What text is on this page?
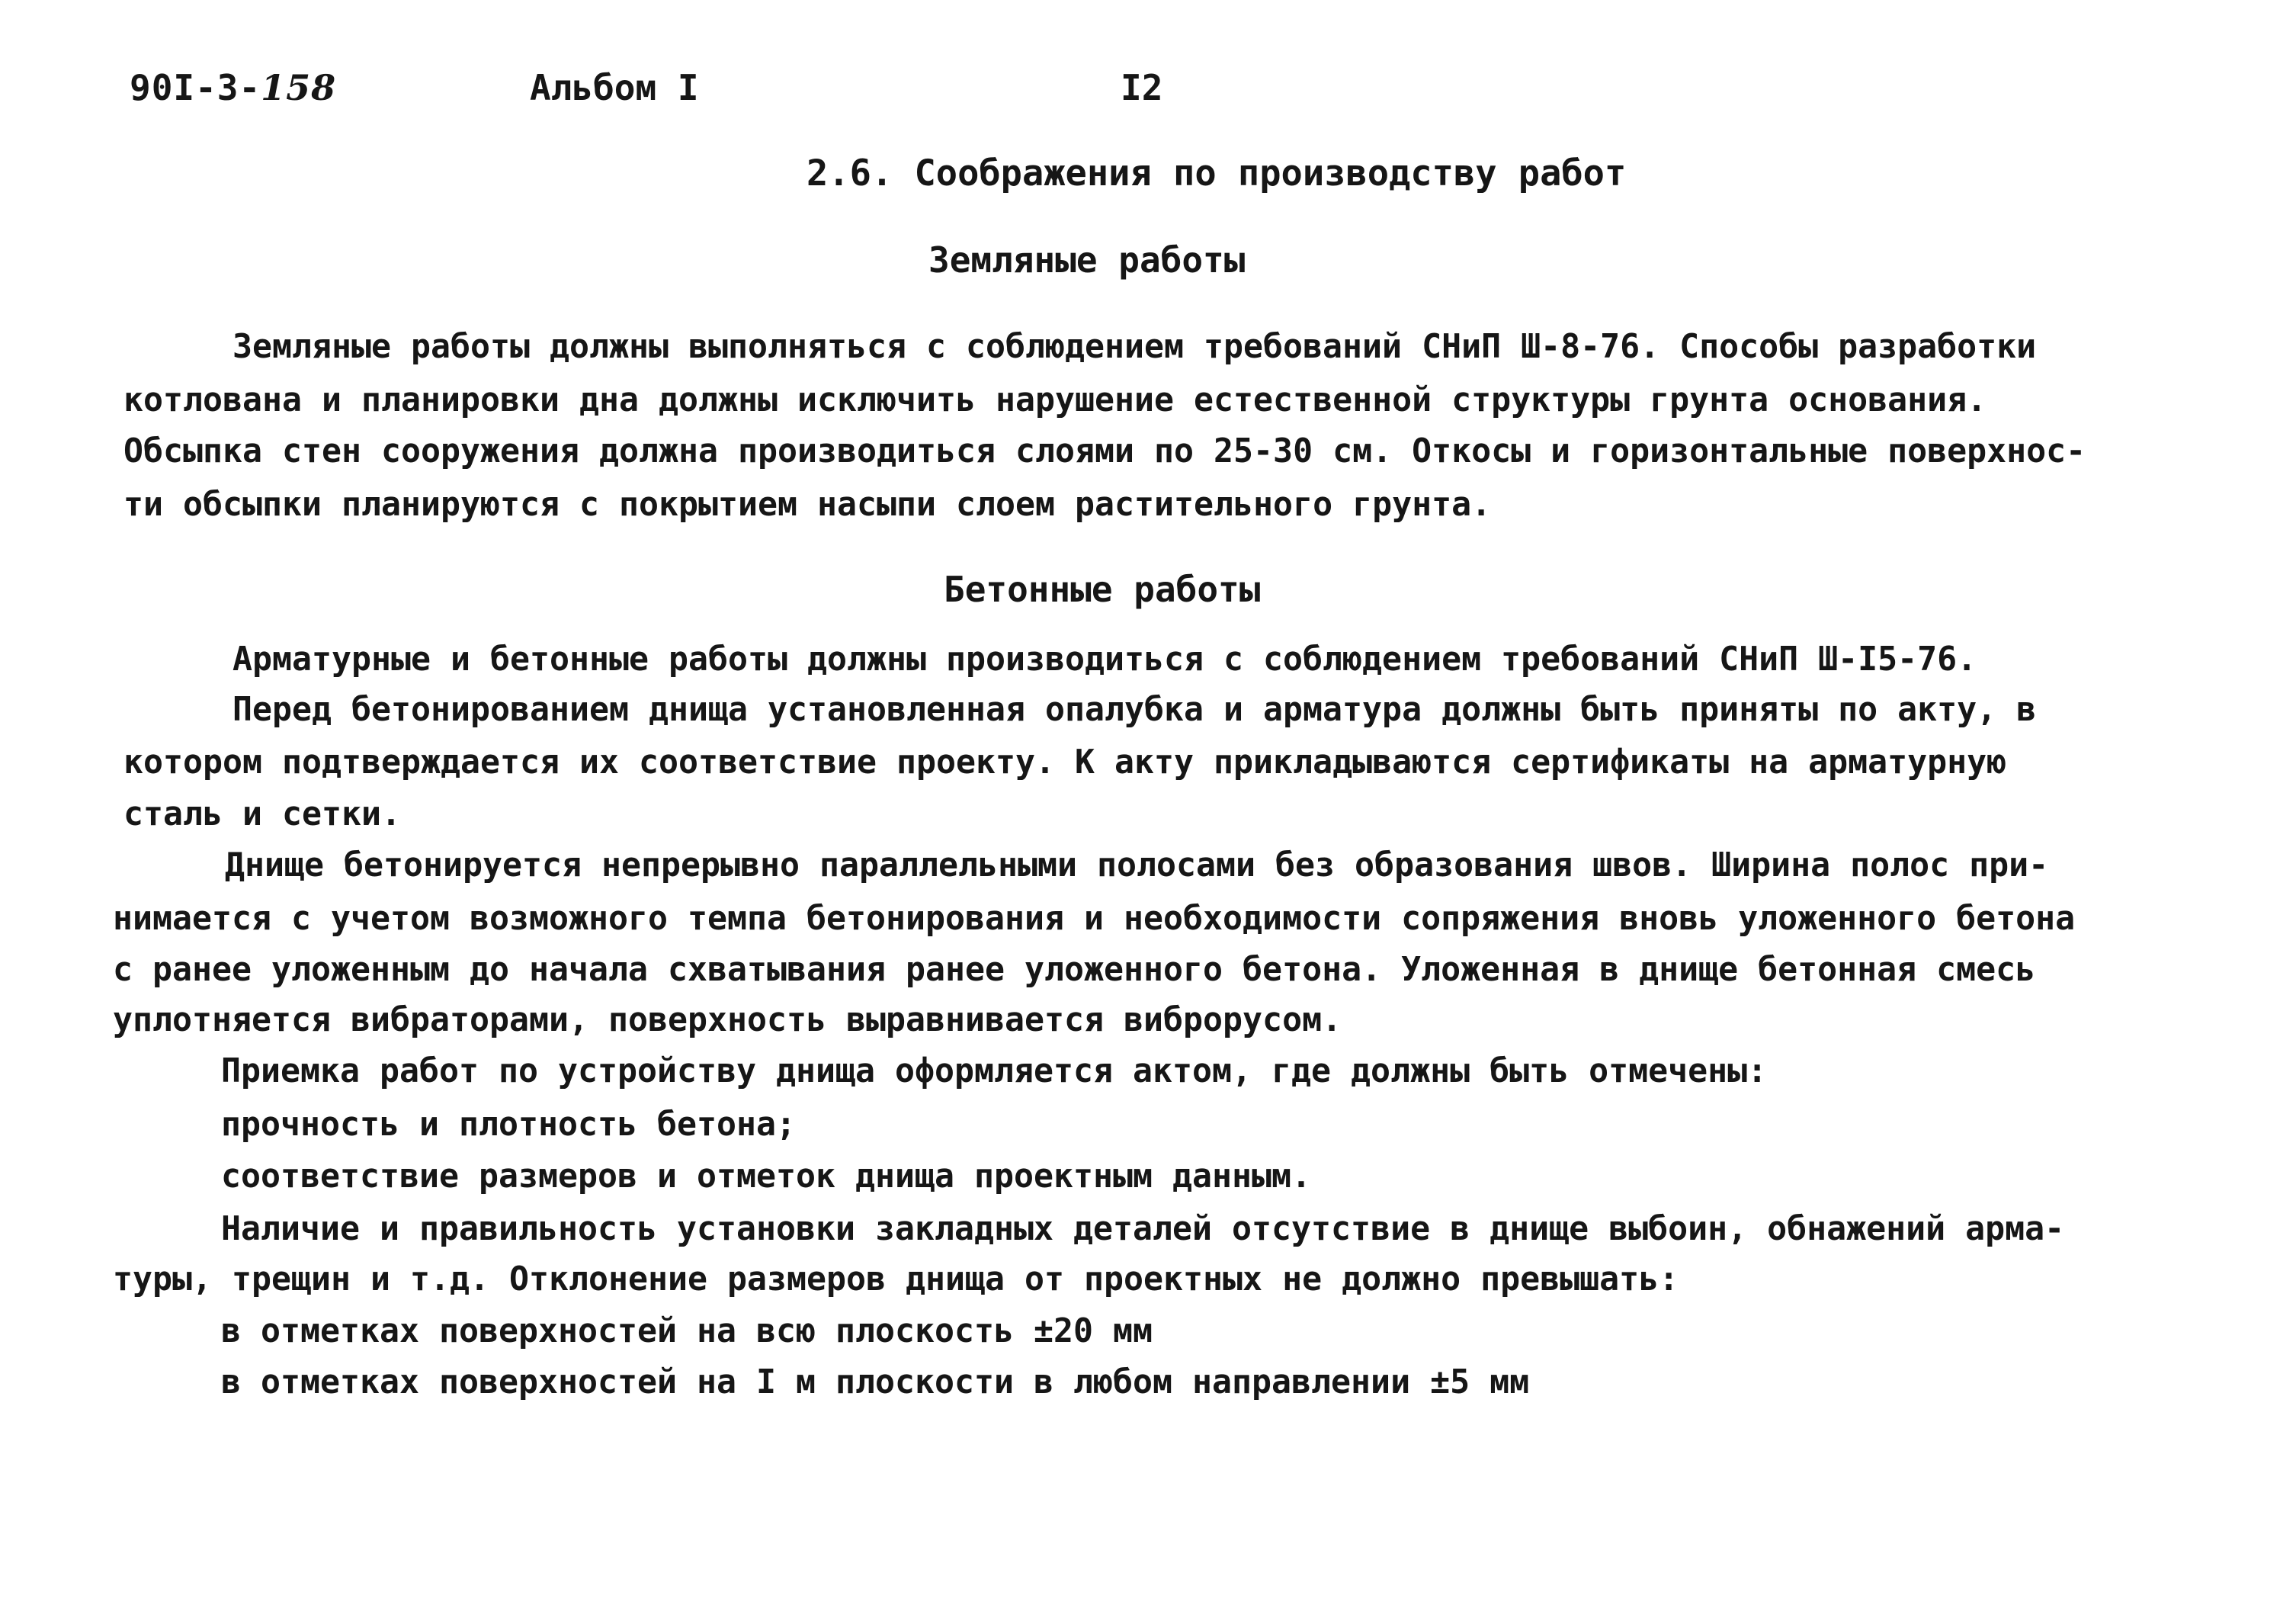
90I-3-158	Альбом I	I2
2.6. Соображения по производству работ
Земляные работы
Земляные работы должны выполняться с соблюдением требований СНиП Ш-8-76. Способы разработки
котлована и планировки дна должны исключить нарушение естественной структуры грунта основания.
Обсыпка стен сооружения должна производиться слоями по 25-30 см. Откосы и горизонтальные поверхнос-
ти обсыпки планируются с покрытием насыпи слоем растительного грунта.
Бетонные работы
Арматурные и бетонные работы должны производиться с соблюдением требований СНиП Ш-I5-76.
Перед бетонированием днища установленная опалубка и арматура должны быть приняты по акту, в
котором подтверждается их соответствие проекту. К акту прикладываются сертификаты на арматурную
сталь и сетки.
Днище бетонируется непрерывно параллельными полосами без образования швов. Ширина полос при-
нимается с учетом возможного темпа бетонирования и необходимости сопряжения вновь уложенного бетона
с ранее уложенным до начала схватывания ранее уложенного бетона. Уложенная в днище бетонная смесь
уплотняется вибраторами, поверхность выравнивается виброрусом.
Приемка работ по устройству днища оформляется актом, где должны быть отмечены:
прочность и плотность бетона;
соответствие размеров и отметок днища проектным данным.
Наличие и правильность установки закладных деталей отсутствие в днище выбоин, обнажений арма-
туры, трещин и т.д. Отклонение размеров днища от проектных не должно превышать:
в отметках поверхностей на всю плоскость ±20 мм
в отметках поверхностей на I м плоскости в любом направлении ±5 мм
